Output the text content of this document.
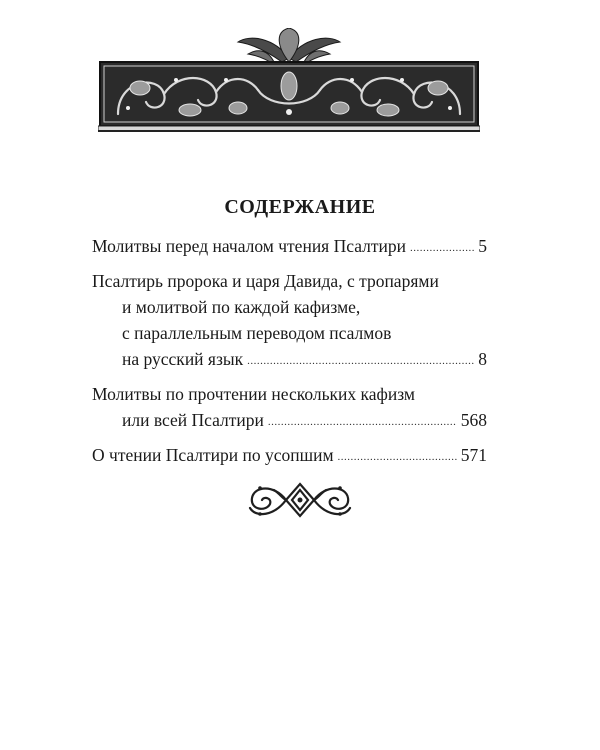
СОДЕРЖАНИЕ
Молитвы перед началом чтения Псалтири .....	5
Псалтирь пророка и царя Давида, с тропарями
и молитвой по каждой кафизме,
с параллельным переводом псалмов
на русский язык .....	8
Молитвы по прочтении нескольких кафизм
или всей Псалтири .....	568
О чтении Псалтири по усопшим .....	571
